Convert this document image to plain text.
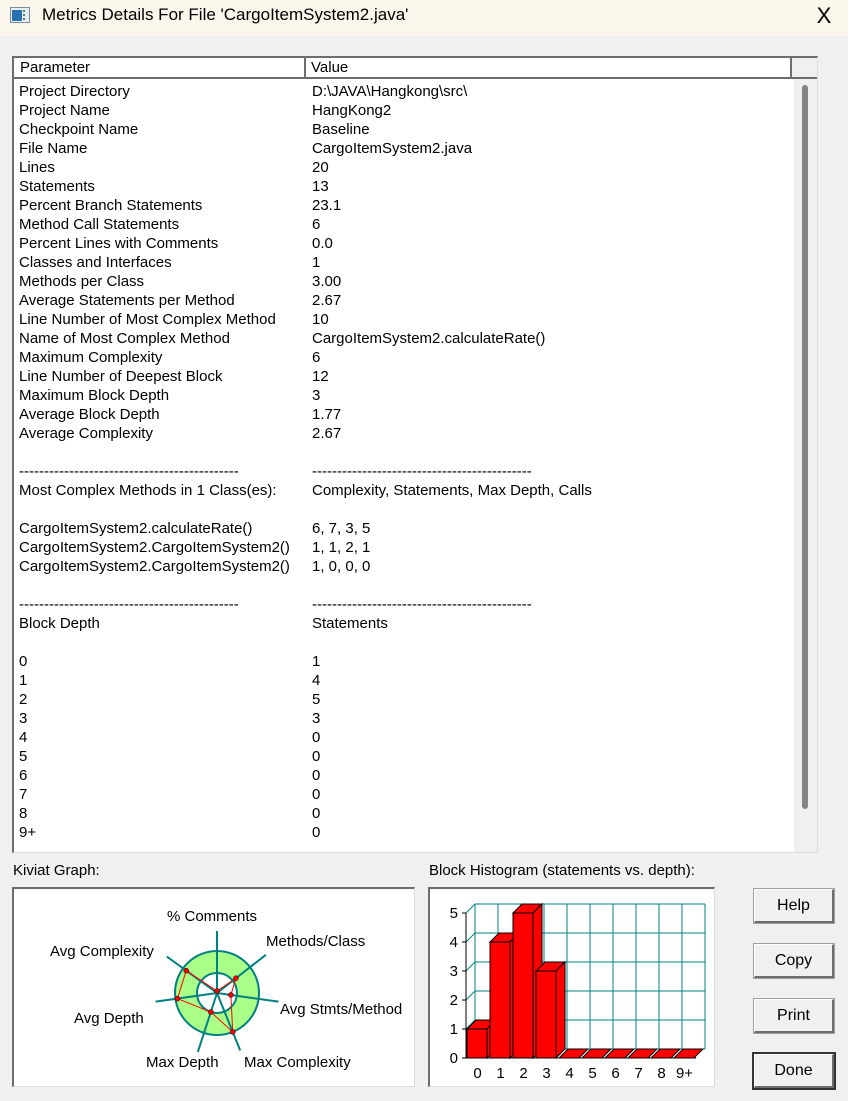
Metrics Details For File 'CargoItemSystem2.java'	X
Parameter	Value
Project Directory	D:\JAVA\Hangkong\src\
Project Name	HangKong2
Checkpoint Name	Baseline
File Name	CargoItemSystem2.java
Lines	20
Statements	13
Percent Branch Statements	23.1
Method Call Statements	6
Percent Lines with Comments	0.0
Classes and Interfaces	1
Methods per Class	3.00
Average Statements per Method	2.67
Line Number of Most Complex Method 10
Name of Most Complex Method	CargoItemSystem2.calculateRate()
Maximum Complexity	6
Line Number of Deepest Block	12
Maximum Block Depth	3
Average Block Depth	1.77
Average Complexity	2.67
--------------------------------------------	--------------------------------------------
Most Complex Methods in 1 Class(es): Complexity, Statements, Max Depth, Calls
CargoItemSystem2.calculateRate()	6, 7, 3, 5
CargoItemSystem2.CargoItemSystem2() 1, 1, 2, 1
CargoItemSystem2.CargoItemSystem2() 1, 0, 0, 0
--------------------------------------------	--------------------------------------------
Block Depth	Statements
0	1
1	4
2	5
3	3
4	0
5	0
6	0
7	0
8	0
9+	0
Kiviat Graph:
% Comments
Methods/Class
Avg Stmts/Method
Max Complexity
Max Depth
Avg Depth
Avg Complexity
Block Histogram (statements vs. depth):
0
1
2
3
4
5
0 1 2 3 4 5 6 7 8 9+
Help
Copy
Print
Done
